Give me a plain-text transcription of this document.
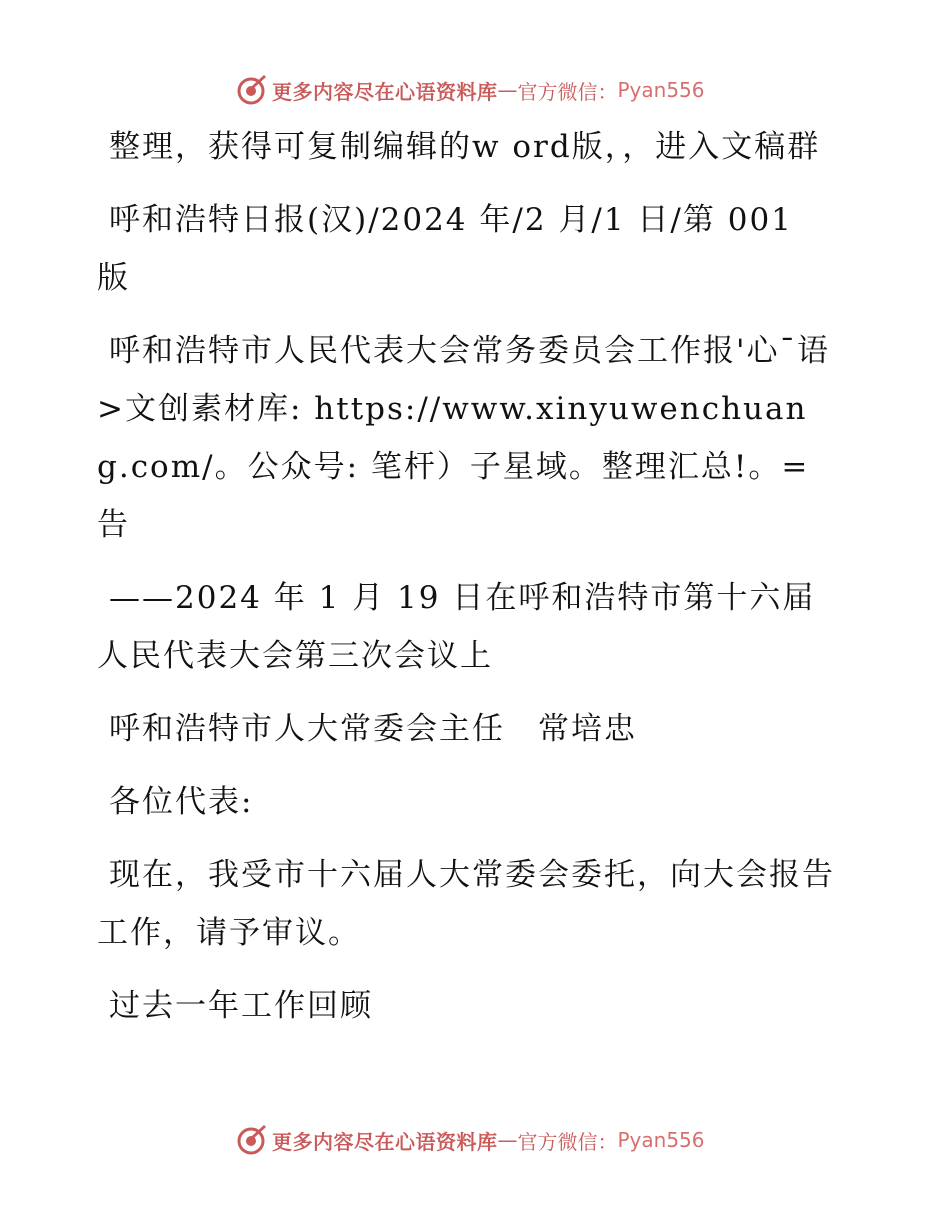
更多内容尽在心语资料库 — 官方微信： Pyan556

整理，获得可复制编辑的w ord版，，进入文稿群

呼和浩特日报(汉)/2024 年/2 月/1 日/第 001 版

呼和浩特市人民代表大会常务委员会工作报'心¯语>文创素材库: https://www.xinyuwenchuang.com/。公众号: 笔杆）子星域。整理汇总!。=告

——2024 年 1 月 19 日在呼和浩特市第十六届人民代表大会第三次会议上

呼和浩特市人大常委会主任　常培忠

各位代表:

现在，我受市十六届人大常委会委托，向大会报告工作，请予审议。

过去一年工作回顾

更多内容尽在心语资料库 — 官方微信： Pyan556
